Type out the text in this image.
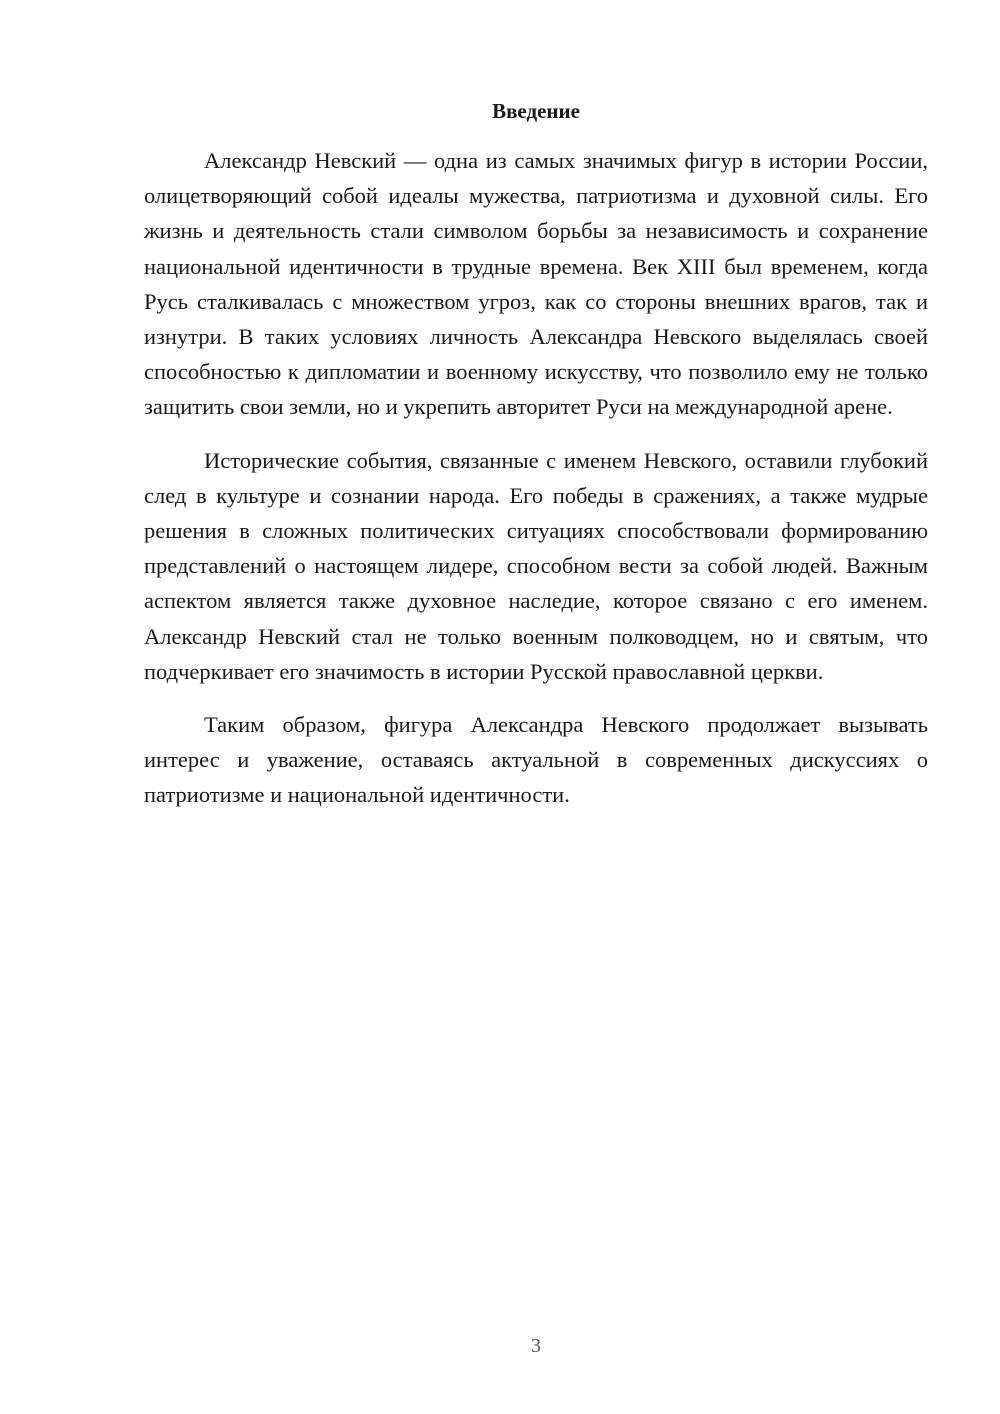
Введение

Александр Невский — одна из самых значимых фигур в истории России, олицетворяющий собой идеалы мужества, патриотизма и духовной силы. Его жизнь и деятельность стали символом борьбы за независимость и сохранение национальной идентичности в трудные времена. Век XIII был временем, когда Русь сталкивалась с множеством угроз, как со стороны внешних врагов, так и изнутри. В таких условиях личность Александра Невского выделялась своей способностью к дипломатии и военному искусству, что позволило ему не только защитить свои земли, но и укрепить авторитет Руси на международной арене.

Исторические события, связанные с именем Невского, оставили глубокий след в культуре и сознании народа. Его победы в сражениях, а также мудрые решения в сложных политических ситуациях способствовали формированию представлений о настоящем лидере, способном вести за собой людей. Важным аспектом является также духовное наследие, которое связано с его именем. Александр Невский стал не только военным полководцем, но и святым, что подчеркивает его значимость в истории Русской православной церкви.

Таким образом, фигура Александра Невского продолжает вызывать интерес и уважение, оставаясь актуальной в современных дискуссиях о патриотизме и национальной идентичности.

3
